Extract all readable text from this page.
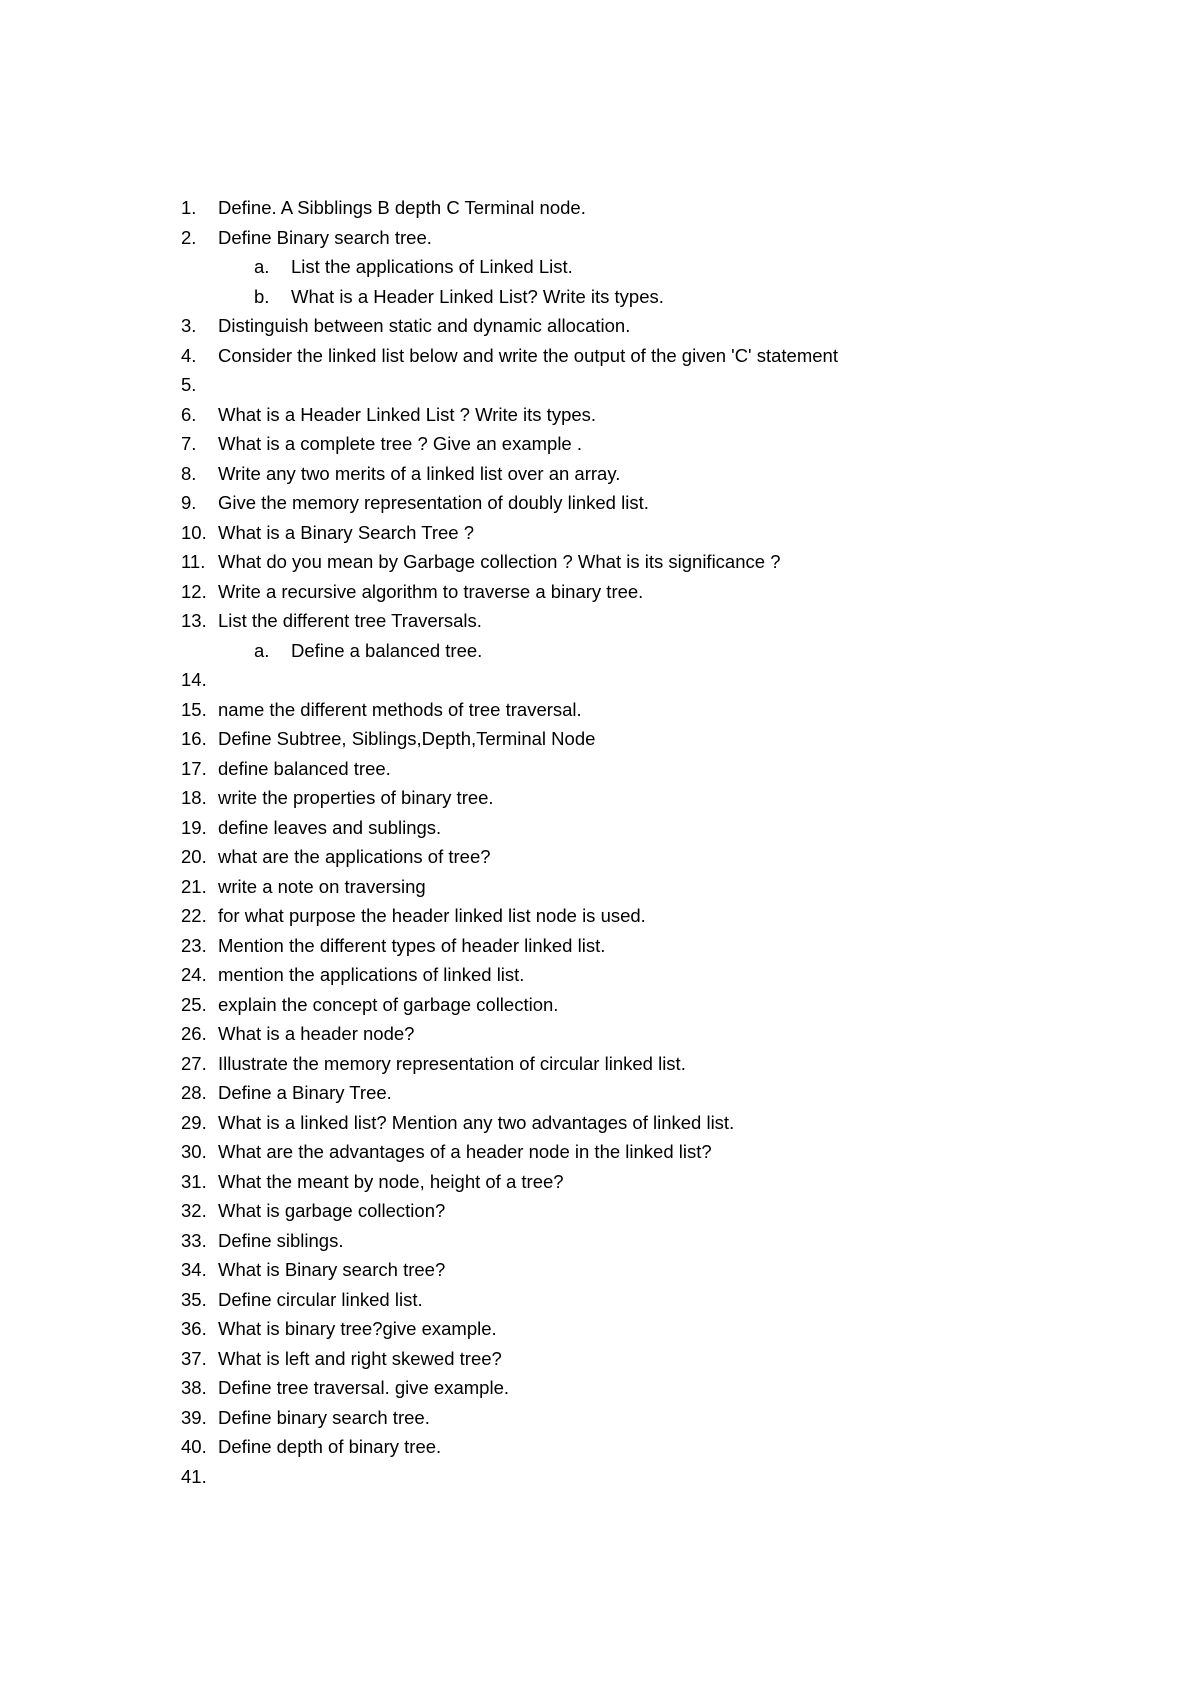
1. Define. A Sibblings B depth C Terminal node.
2. Define Binary search tree.
a. List the applications of Linked List.
b. What is a Header Linked List? Write its types.
3. Distinguish between static and dynamic allocation.
4. Consider the linked list below and write the output of the given 'C' statement
5.
6. What is a Header Linked List ? Write its types.
7. What is a complete tree ? Give an example .
8. Write any two merits of a linked list over an array.
9. Give the memory representation of doubly linked list.
10. What is a Binary Search Tree ?
11. What do you mean by Garbage collection ? What is its significance ?
12. Write a recursive algorithm to traverse a binary tree.
13. List the different tree Traversals.
a. Define a balanced tree.
14.
15. name the different methods of tree traversal.
16. Define Subtree, Siblings,Depth,Terminal Node
17. define balanced tree.
18. write the properties of binary tree.
19. define leaves and sublings.
20. what are the applications of tree?
21. write a note on traversing
22. for what purpose the header linked list node is used.
23. Mention the different types of header linked list.
24. mention the applications of linked list.
25. explain the concept of garbage collection.
26. What is a header node?
27. Illustrate the memory representation of circular linked list.
28. Define a Binary Tree.
29. What is a linked list? Mention any two advantages of linked list.
30. What are the advantages of a header node in the linked list?
31. What the meant by node, height of a tree?
32. What is garbage collection?
33. Define siblings.
34. What is Binary search tree?
35. Define circular linked list.
36. What is binary tree?give example.
37. What is left and right skewed tree?
38. Define tree traversal. give example.
39. Define binary search tree.
40. Define depth of binary tree.
41.
